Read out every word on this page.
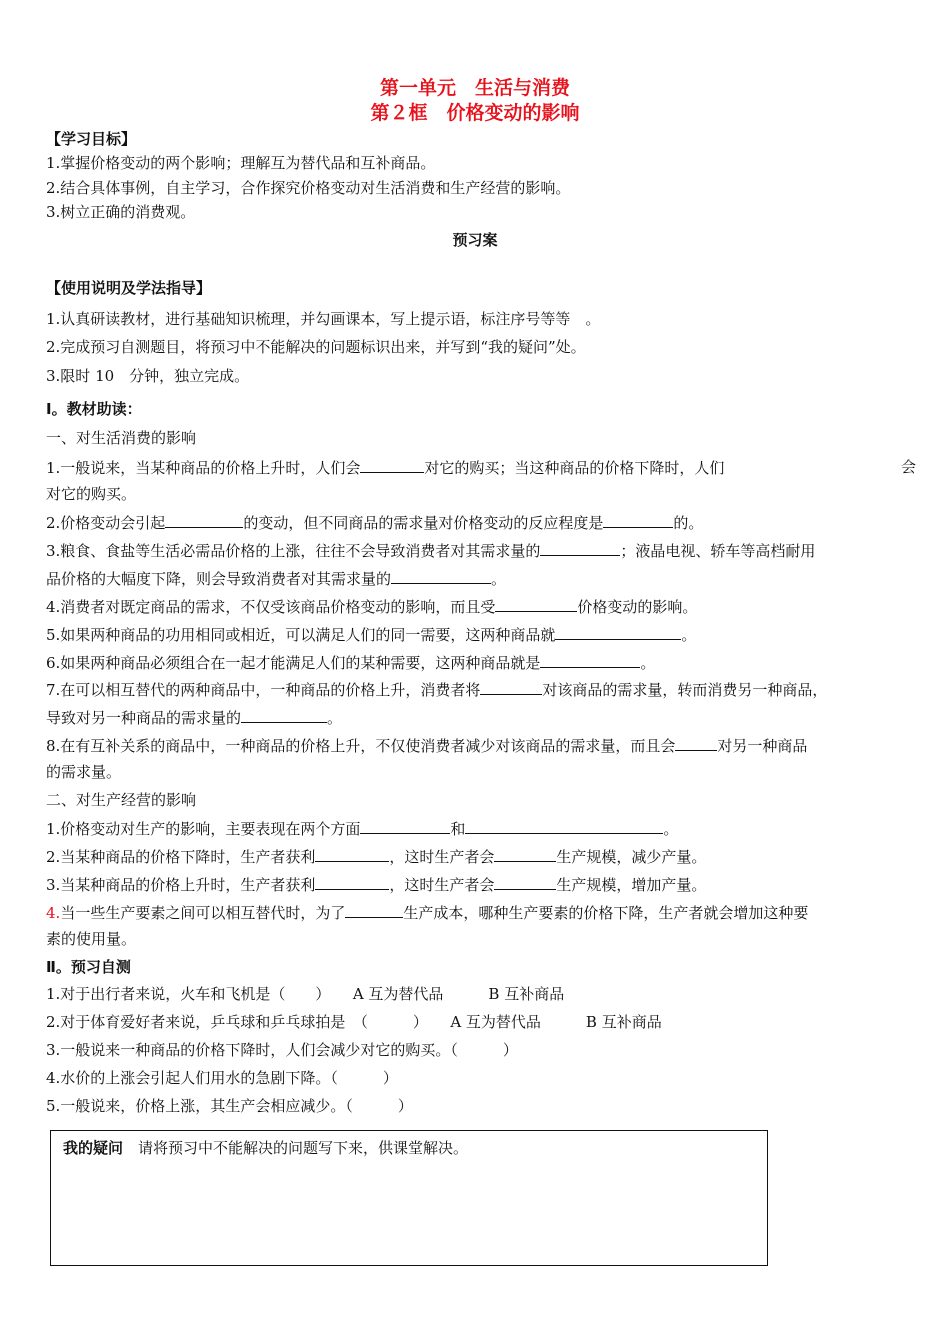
第一单元　生活与消费
第２框　价格变动的影响
【学习目标】
1.掌握价格变动的两个影响；理解互为替代品和互补商品。
2.结合具体事例，自主学习，合作探究价格变动对生活消费和生产经营的影响。
3.树立正确的消费观。
预习案
【使用说明及学法指导】
1.认真研读教材，进行基础知识梳理，并勾画课本，写上提示语，标注序号等等　。
2.完成预习自测题目，将预习中不能解决的问题标识出来，并写到“我的疑问”处。
3.限时 10　分钟，独立完成。
Ⅰ。教材助读：
一、对生活消费的影响
1.一般说来，当某种商品的价格上升时，人们会	对它的购买；当这种商品的价格下降时，人们	会
对它的购买。
2.价格变动会引起	的变动，但不同商品的需求量对价格变动的反应程度是	的。
3.粮食、食盐等生活必需品价格的上涨，往往不会导致消费者对其需求量的	；液晶电视、轿车等高档耐用
品价格的大幅度下降，则会导致消费者对其需求量的	。
4.消费者对既定商品的需求，不仅受该商品价格变动的影响，而且受	价格变动的影响。
5.如果两种商品的功用相同或相近，可以满足人们的同一需要，这两种商品就	。
6.如果两种商品必须组合在一起才能满足人们的某种需要，这两种商品就是	。
7.在可以相互替代的两种商品中，一种商品的价格上升，消费者将	对该商品的需求量，转而消费另一种商品，
导致对另一种商品的需求量的	。
8.在有互补关系的商品中，一种商品的价格上升，不仅使消费者减少对该商品的需求量，而且会	对另一种商品
的需求量。
二、对生产经营的影响
1.价格变动对生产的影响，主要表现在两个方面	和	。
2.当某种商品的价格下降时，生产者获利	，这时生产者会	生产规模，减少产量。
3.当某种商品的价格上升时，生产者获利	，这时生产者会	生产规模，增加产量。
4.当一些生产要素之间可以相互替代时，为了	生产成本，哪种生产要素的价格下降，生产者就会增加这种要
素的使用量。
Ⅱ。预习自测
1.对于出行者来说，火车和飞机是（　　）　　A 互为替代品　　　B 互补商品
2.对于体育爱好者来说，乒乓球和乒乓球拍是　（　　　）　　A 互为替代品　　　B 互补商品
3.一般说来一种商品的价格下降时，人们会减少对它的购买。（　　　）
4.水价的上涨会引起人们用水的急剧下降。（　　　）
5.一般说来，价格上涨，其生产会相应减少。（　　　）
我的疑问　 请将预习中不能解决的问题写下来，供课堂解决。
